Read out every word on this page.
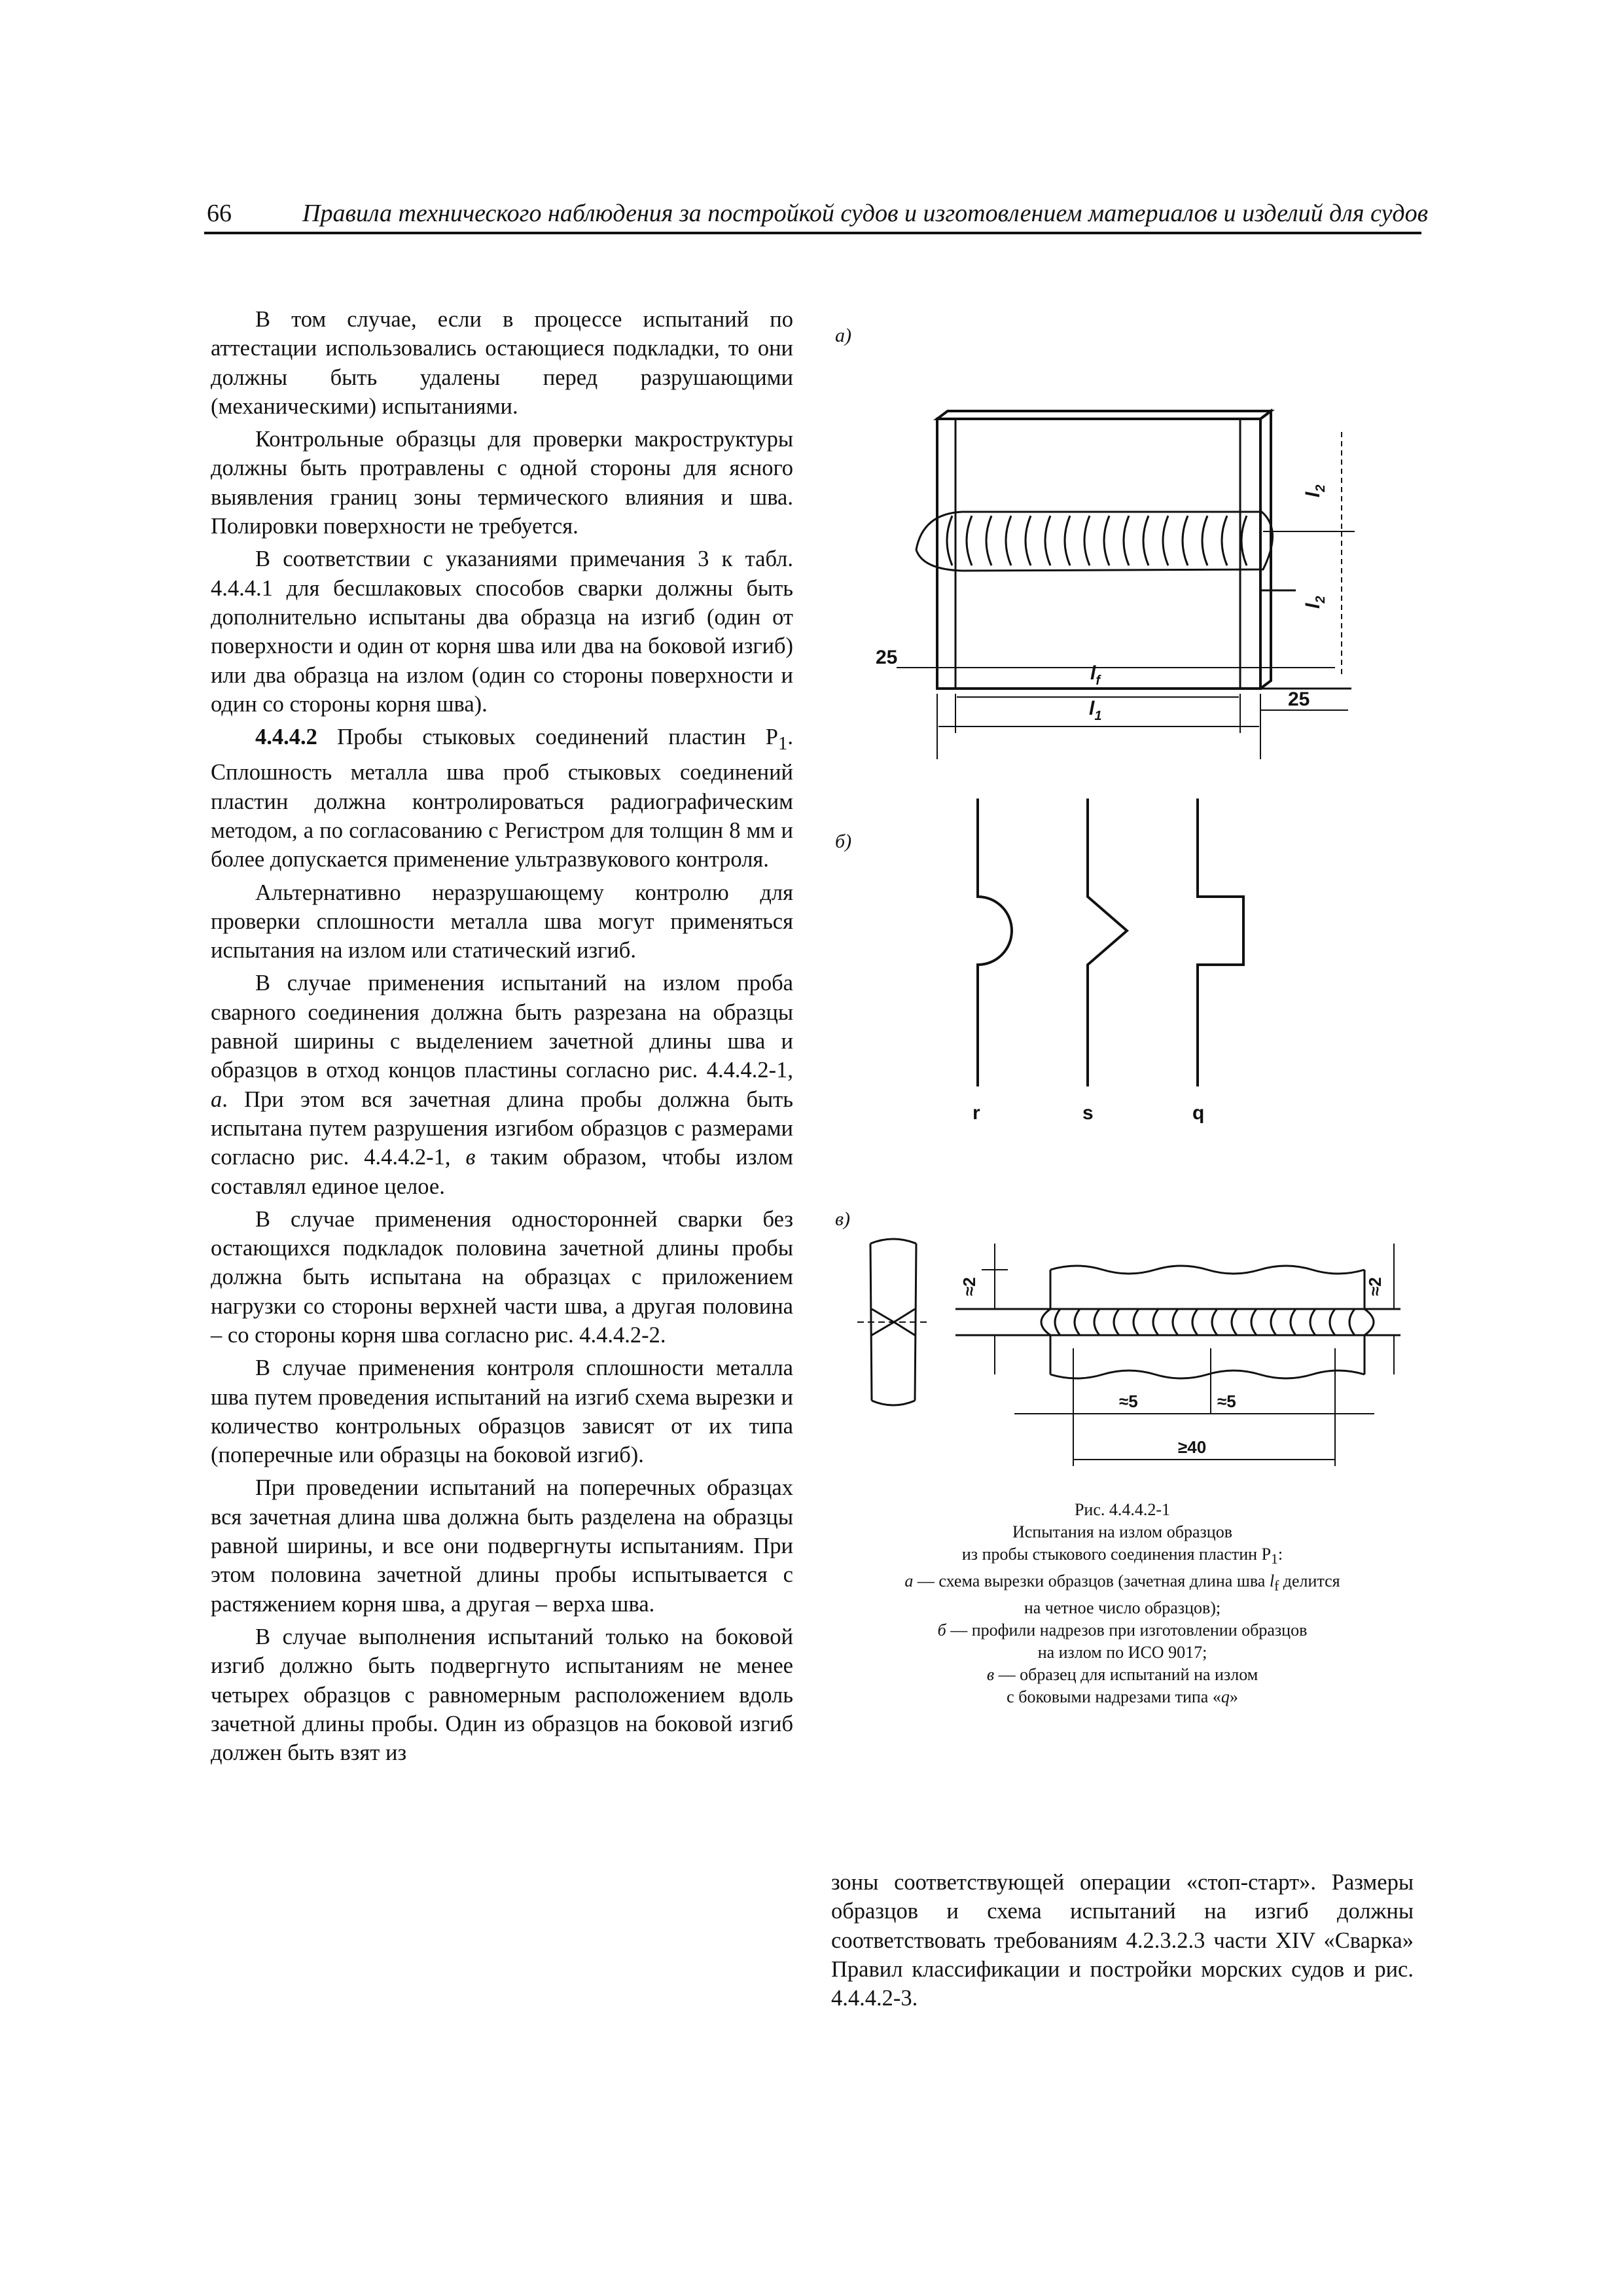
66	Правила технического наблюдения за постройкой судов и изготовлением материалов и изделий для судов

В том случае, если в процессе испытаний по аттестации использовались остающиеся подкладки, то они должны быть удалены перед разрушающими (механическими) испытаниями.

Контрольные образцы для проверки макроструктуры должны быть протравлены с одной стороны для ясного выявления границ зоны термического влияния и шва. Полировки поверхности не требуется.

В соответствии с указаниями примечания 3 к табл. 4.4.4.1 для бесшлаковых способов сварки должны быть дополнительно испытаны два образца на изгиб (один от поверхности и один от корня шва или два на боковой изгиб) или два образца на излом (один со стороны поверхности и один со стороны корня шва).

4.4.4.2 Пробы стыковых соединений пластин $P_1$. Сплошность металла шва проб стыковых соединений пластин должна контролироваться радиографическим методом, а по согласованию с Регистром для толщин 8 мм и более допускается применение ультразвукового контроля.

Альтернативно неразрушающему контролю для проверки сплошности металла шва могут применяться испытания на излом или статический изгиб.

В случае применения испытаний на излом проба сварного соединения должна быть разрезана на образцы равной ширины с выделением зачетной длины шва и образцов в отход концов пластины согласно рис. 4.4.4.2-1, а. При этом вся зачетная длина пробы должна быть испытана путем разрушения изгибом образцов с размерами согласно рис. 4.4.4.2-1, в таким образом, чтобы излом составлял единое целое.

В случае применения односторонней сварки без остающихся подкладок половина зачетной длины пробы должна быть испытана на образцах с приложением нагрузки со стороны верхней части шва, а другая половина – со стороны корня шва согласно рис. 4.4.4.2-2.

В случае применения контроля сплошности металла шва путем проведения испытаний на изгиб схема вырезки и количество контрольных образцов зависят от их типа (поперечные или образцы на боковой изгиб).

При проведении испытаний на поперечных образцах вся зачетная длина шва должна быть разделена на образцы равной ширины, и все они подвергнуты испытаниям. При этом половина зачетной длины пробы испытывается с растяжением корня шва, а другая – верха шва.

В случае выполнения испытаний только на боковой изгиб должно быть подвергнуто испытаниям не менее четырех образцов с равномерным расположением вдоль зачетной длины пробы. Один из образцов на боковой изгиб должен быть взят из

а)
25
25
$l_f$
$l_1$
$l_2$
$l_2$
б)
r	s	q
в)
≈2	≈2
≈5	≈5
≥40
Рис. 4.4.4.2-1
Испытания на излом образцов
из пробы стыкового соединения пластин $P_1$:
а — схема вырезки образцов (зачетная длина шва $l_f$ делится
на четное число образцов);
б — профили надрезов при изготовлении образцов
на излом по ИСО 9017;
в — образец для испытаний на излом
с боковыми надрезами типа «q»

зоны соответствующей операции «стоп-старт». Размеры образцов и схема испытаний на изгиб должны соответствовать требованиям 4.2.3.2.3 части XIV «Сварка» Правил классификации и постройки морских судов и рис. 4.4.4.2-3.
